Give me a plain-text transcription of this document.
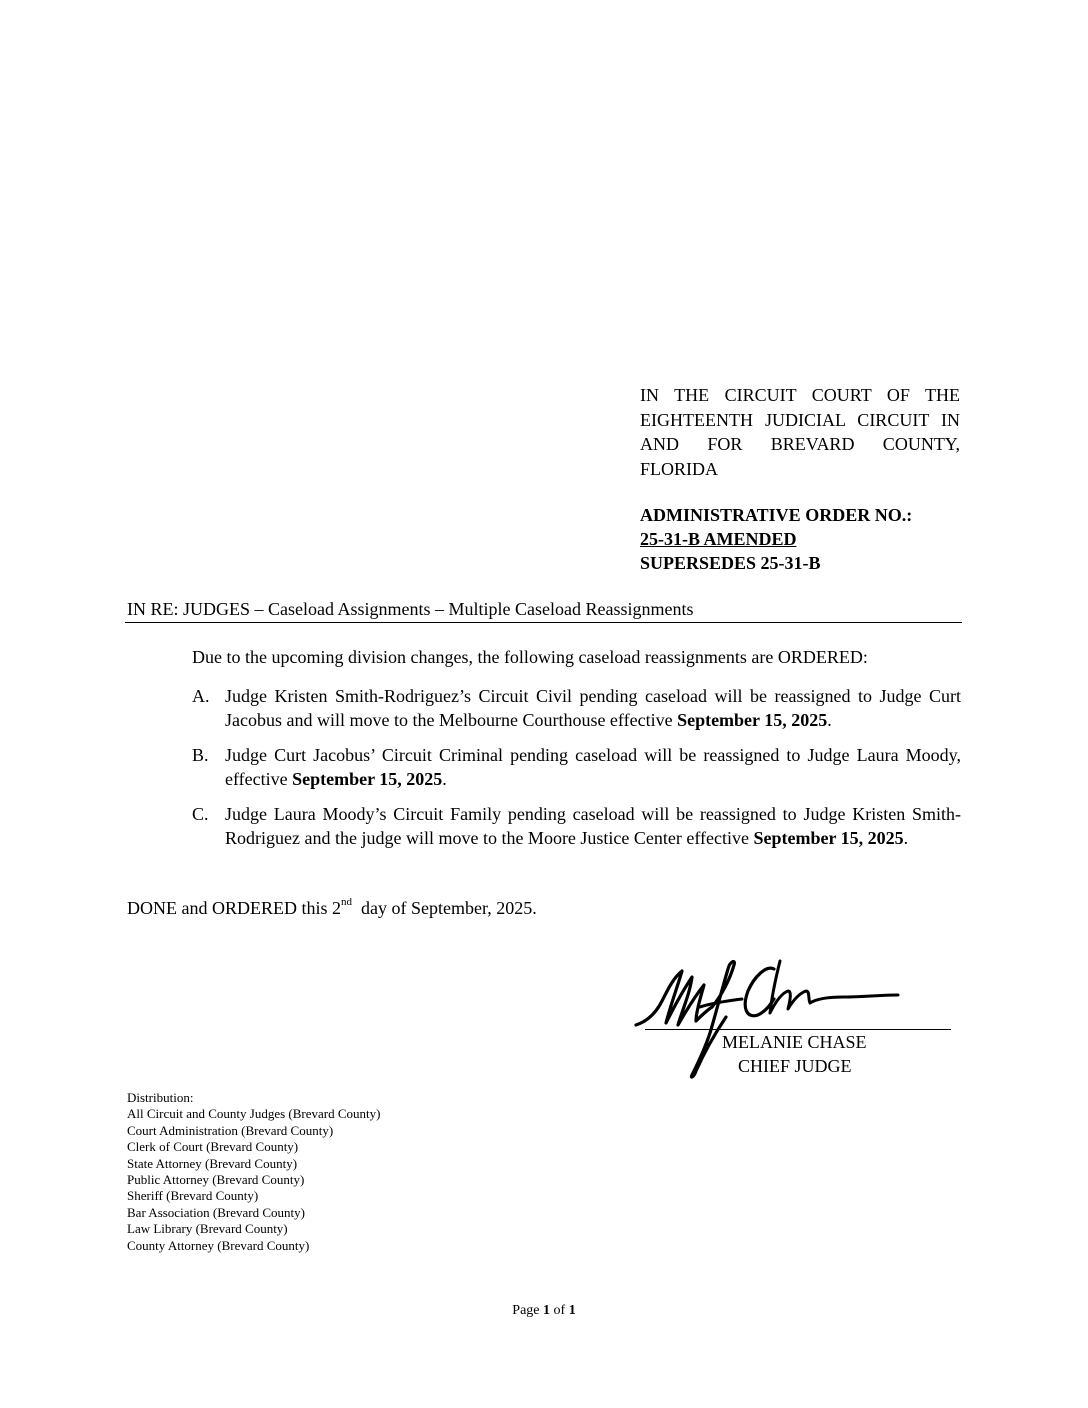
IN THE CIRCUIT COURT OF THE
EIGHTEENTH JUDICIAL CIRCUIT IN
AND FOR BREVARD COUNTY,
FLORIDA
ADMINISTRATIVE ORDER NO.:
25-31-B AMENDED
SUPERSEDES 25-31-B
IN RE: JUDGES – Caseload Assignments – Multiple Caseload Reassignments
Due to the upcoming division changes, the following caseload reassignments are ORDERED:
A. Judge Kristen Smith-Rodriguez’s Circuit Civil pending caseload will be reassigned to Judge Curt Jacobus and will move to the Melbourne Courthouse effective September 15, 2025.
B. Judge Curt Jacobus’ Circuit Criminal pending caseload will be reassigned to Judge Laura Moody, effective September 15, 2025.
C. Judge Laura Moody’s Circuit Family pending caseload will be reassigned to Judge Kristen Smith-Rodriguez and the judge will move to the Moore Justice Center effective September 15, 2025.
DONE and ORDERED this 2nd  day of September, 2025.
MELANIE CHASE
CHIEF JUDGE
Distribution:
All Circuit and County Judges (Brevard County)
Court Administration (Brevard County)
Clerk of Court (Brevard County)
State Attorney (Brevard County)
Public Attorney (Brevard County)
Sheriff (Brevard County)
Bar Association (Brevard County)
Law Library (Brevard County)
County Attorney (Brevard County)
Page 1 of 1
